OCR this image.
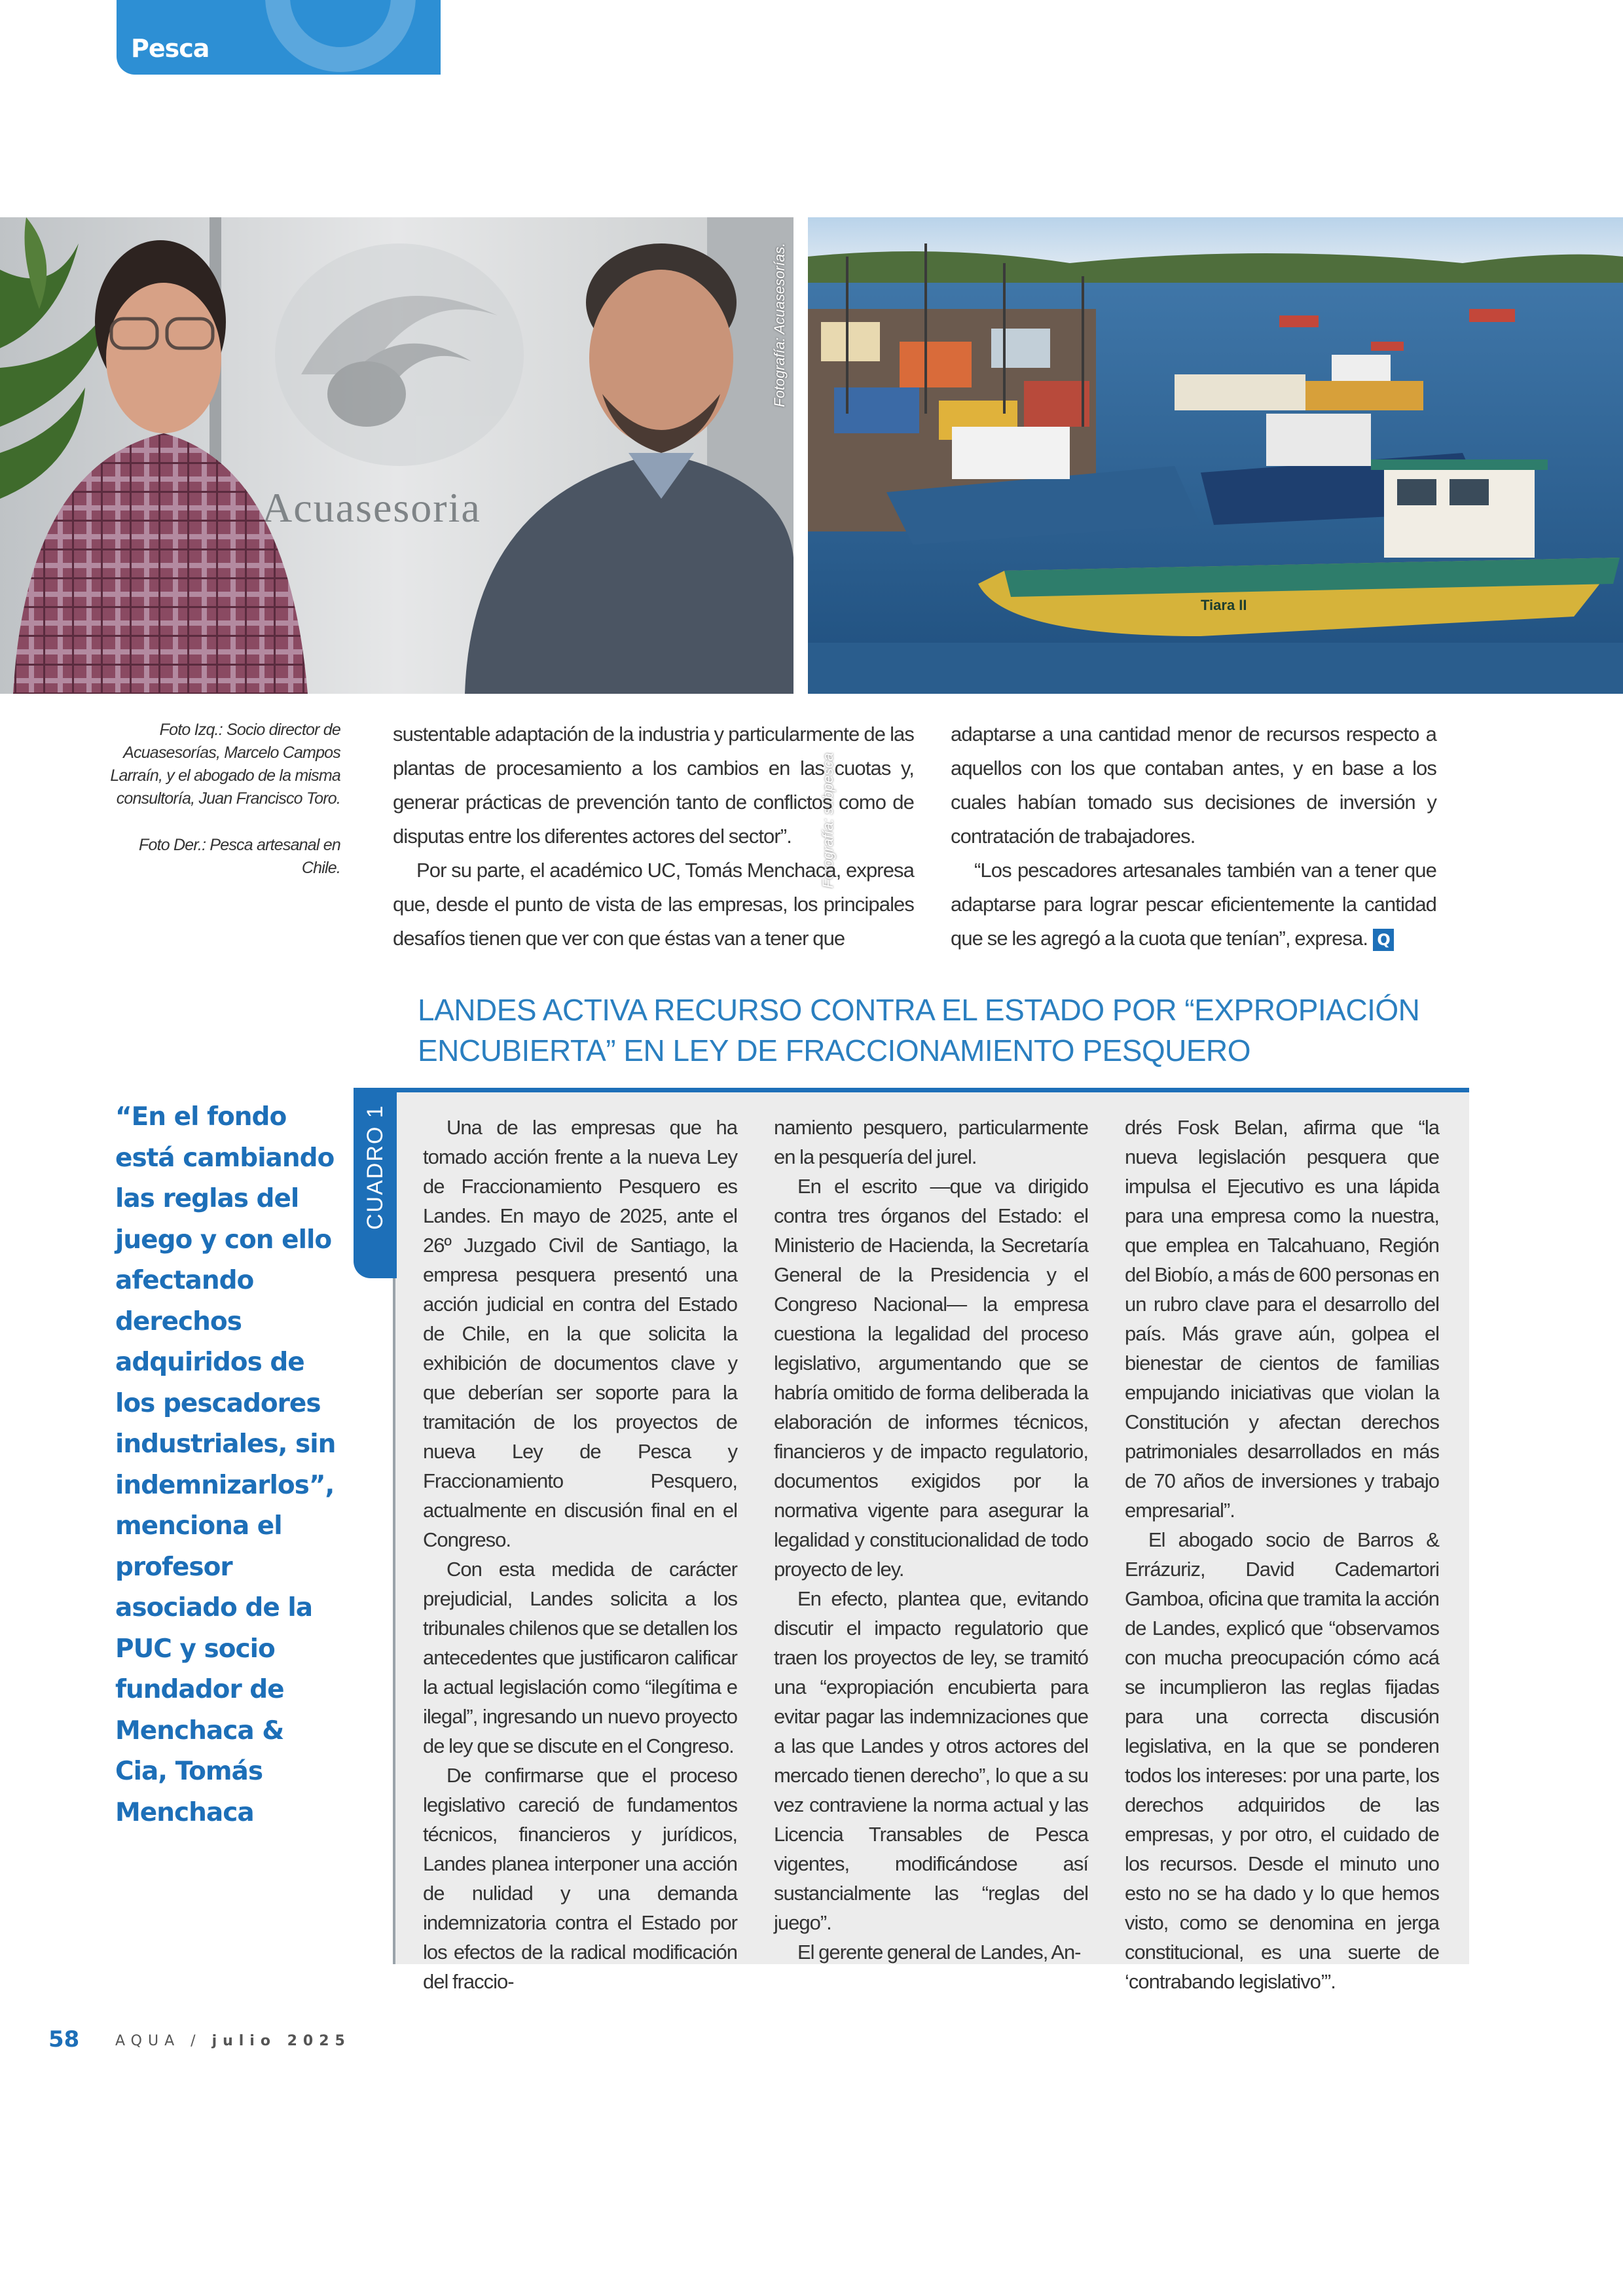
Pesca
Acuasesoria
Fotografía: Acuasesorías.
Tiara II
Fotografía: subpesca

Foto Izq.: Socio director de Acuasesorías, Marcelo Campos Larraín, y el abogado de la misma consultoría, Juan Francisco Toro.

Foto Der.: Pesca artesanal en Chile.

sustentable adaptación de la industria y particularmente de las plantas de procesamiento a los cambios en las cuotas y, generar prácticas de prevención tanto de conflictos como de disputas entre los diferentes actores del sector”.

Por su parte, el académico UC, Tomás Menchaca, expresa que, desde el punto de vista de las empresas, los principales desafíos tienen que ver con que éstas van a tener que

adaptarse a una cantidad menor de recursos respecto a aquellos con los que contaban antes, y en base a los cuales habían tomado sus decisiones de inversión y contratación de trabajadores.

“Los pescadores artesanales también van a tener que adaptarse para lograr pescar eficientemente la cantidad que se les agregó a la cuota que tenían”, expresa. Q

LANDES ACTIVA RECURSO CONTRA EL ESTADO POR “EXPROPIACIÓN ENCUBIERTA” EN LEY DE FRACCIONAMIENTO PESQUERO
“En el fondo está cambiando las reglas del juego y con ello afectando derechos adquiridos de los pescadores industriales, sin indemnizarlos”, menciona el profesor asociado de la PUC y socio fundador de Menchaca & Cia, Tomás Menchaca
CUADRO 1	Una de las empresas que ha tomado acción frente a la nueva Ley de Fraccionamiento Pesquero es Landes. En mayo de 2025, ante el 26º Juzgado Civil de Santiago, la empresa pesquera presentó una acción judicial en contra del Estado de Chile, en la que solicita la exhibición de documentos clave y que deberían ser soporte para la tramitación de los proyectos de nueva Ley de Pesca y Fraccionamiento Pesquero, actualmente en discusión final en el Congreso.

Con esta medida de carácter prejudicial, Landes solicita a los tribunales chilenos que se detallen los antecedentes que justificaron calificar la actual legislación como “ilegítima e ilegal”, ingresando un nuevo proyecto de ley que se discute en el Congreso.

De confirmarse que el proceso legislativo careció de fundamentos técnicos, financieros y jurídicos, Landes planea interponer una acción de nulidad y una demanda indemnizatoria contra el Estado por los efectos de la radical modificación del fraccio-

namiento pesquero, particularmente en la pesquería del jurel.

En el escrito —que va dirigido contra tres órganos del Estado: el Ministerio de Hacienda, la Secretaría General de la Presidencia y el Congreso Nacional— la empresa cuestiona la legalidad del proceso legislativo, argumentando que se habría omitido de forma deliberada la elaboración de informes técnicos, financieros y de impacto regulatorio, documentos exigidos por la normativa vigente para asegurar la legalidad y constitucionalidad de todo proyecto de ley.

En efecto, plantea que, evitando discutir el impacto regulatorio que traen los proyectos de ley, se tramitó una “expropiación encubierta para evitar pagar las indemnizaciones que a las que Landes y otros actores del mercado tienen derecho”, lo que a su vez contraviene la norma actual y las Licencia Transables de Pesca vigentes, modificándose así sustancialmente las “reglas del juego”.

El gerente general de Landes, An-

drés Fosk Belan, afirma que “la nueva legislación pesquera que impulsa el Ejecutivo es una lápida para una empresa como la nuestra, que emplea en Talcahuano, Región del Biobío, a más de 600 personas en un rubro clave para el desarrollo del país. Más grave aún, golpea el bienestar de cientos de familias empujando iniciativas que violan la Constitución y afectan derechos patrimoniales desarrollados en más de 70 años de inversiones y trabajo empresarial”.

El abogado socio de Barros & Errázuriz, David Cademartori Gamboa, oficina que tramita la acción de Landes, explicó que “observamos con mucha preocupación cómo acá se incumplieron las reglas fijadas para una correcta discusión legislativa, en la que se ponderen todos los intereses: por una parte, los derechos adquiridos de las empresas, y por otro, el cuidado de los recursos. Desde el minuto uno esto no se ha dado y lo que hemos visto, como se denomina en jerga constitucional, es una suerte de ‘contrabando legislativo’”.

58 AQUA / julio 2025
